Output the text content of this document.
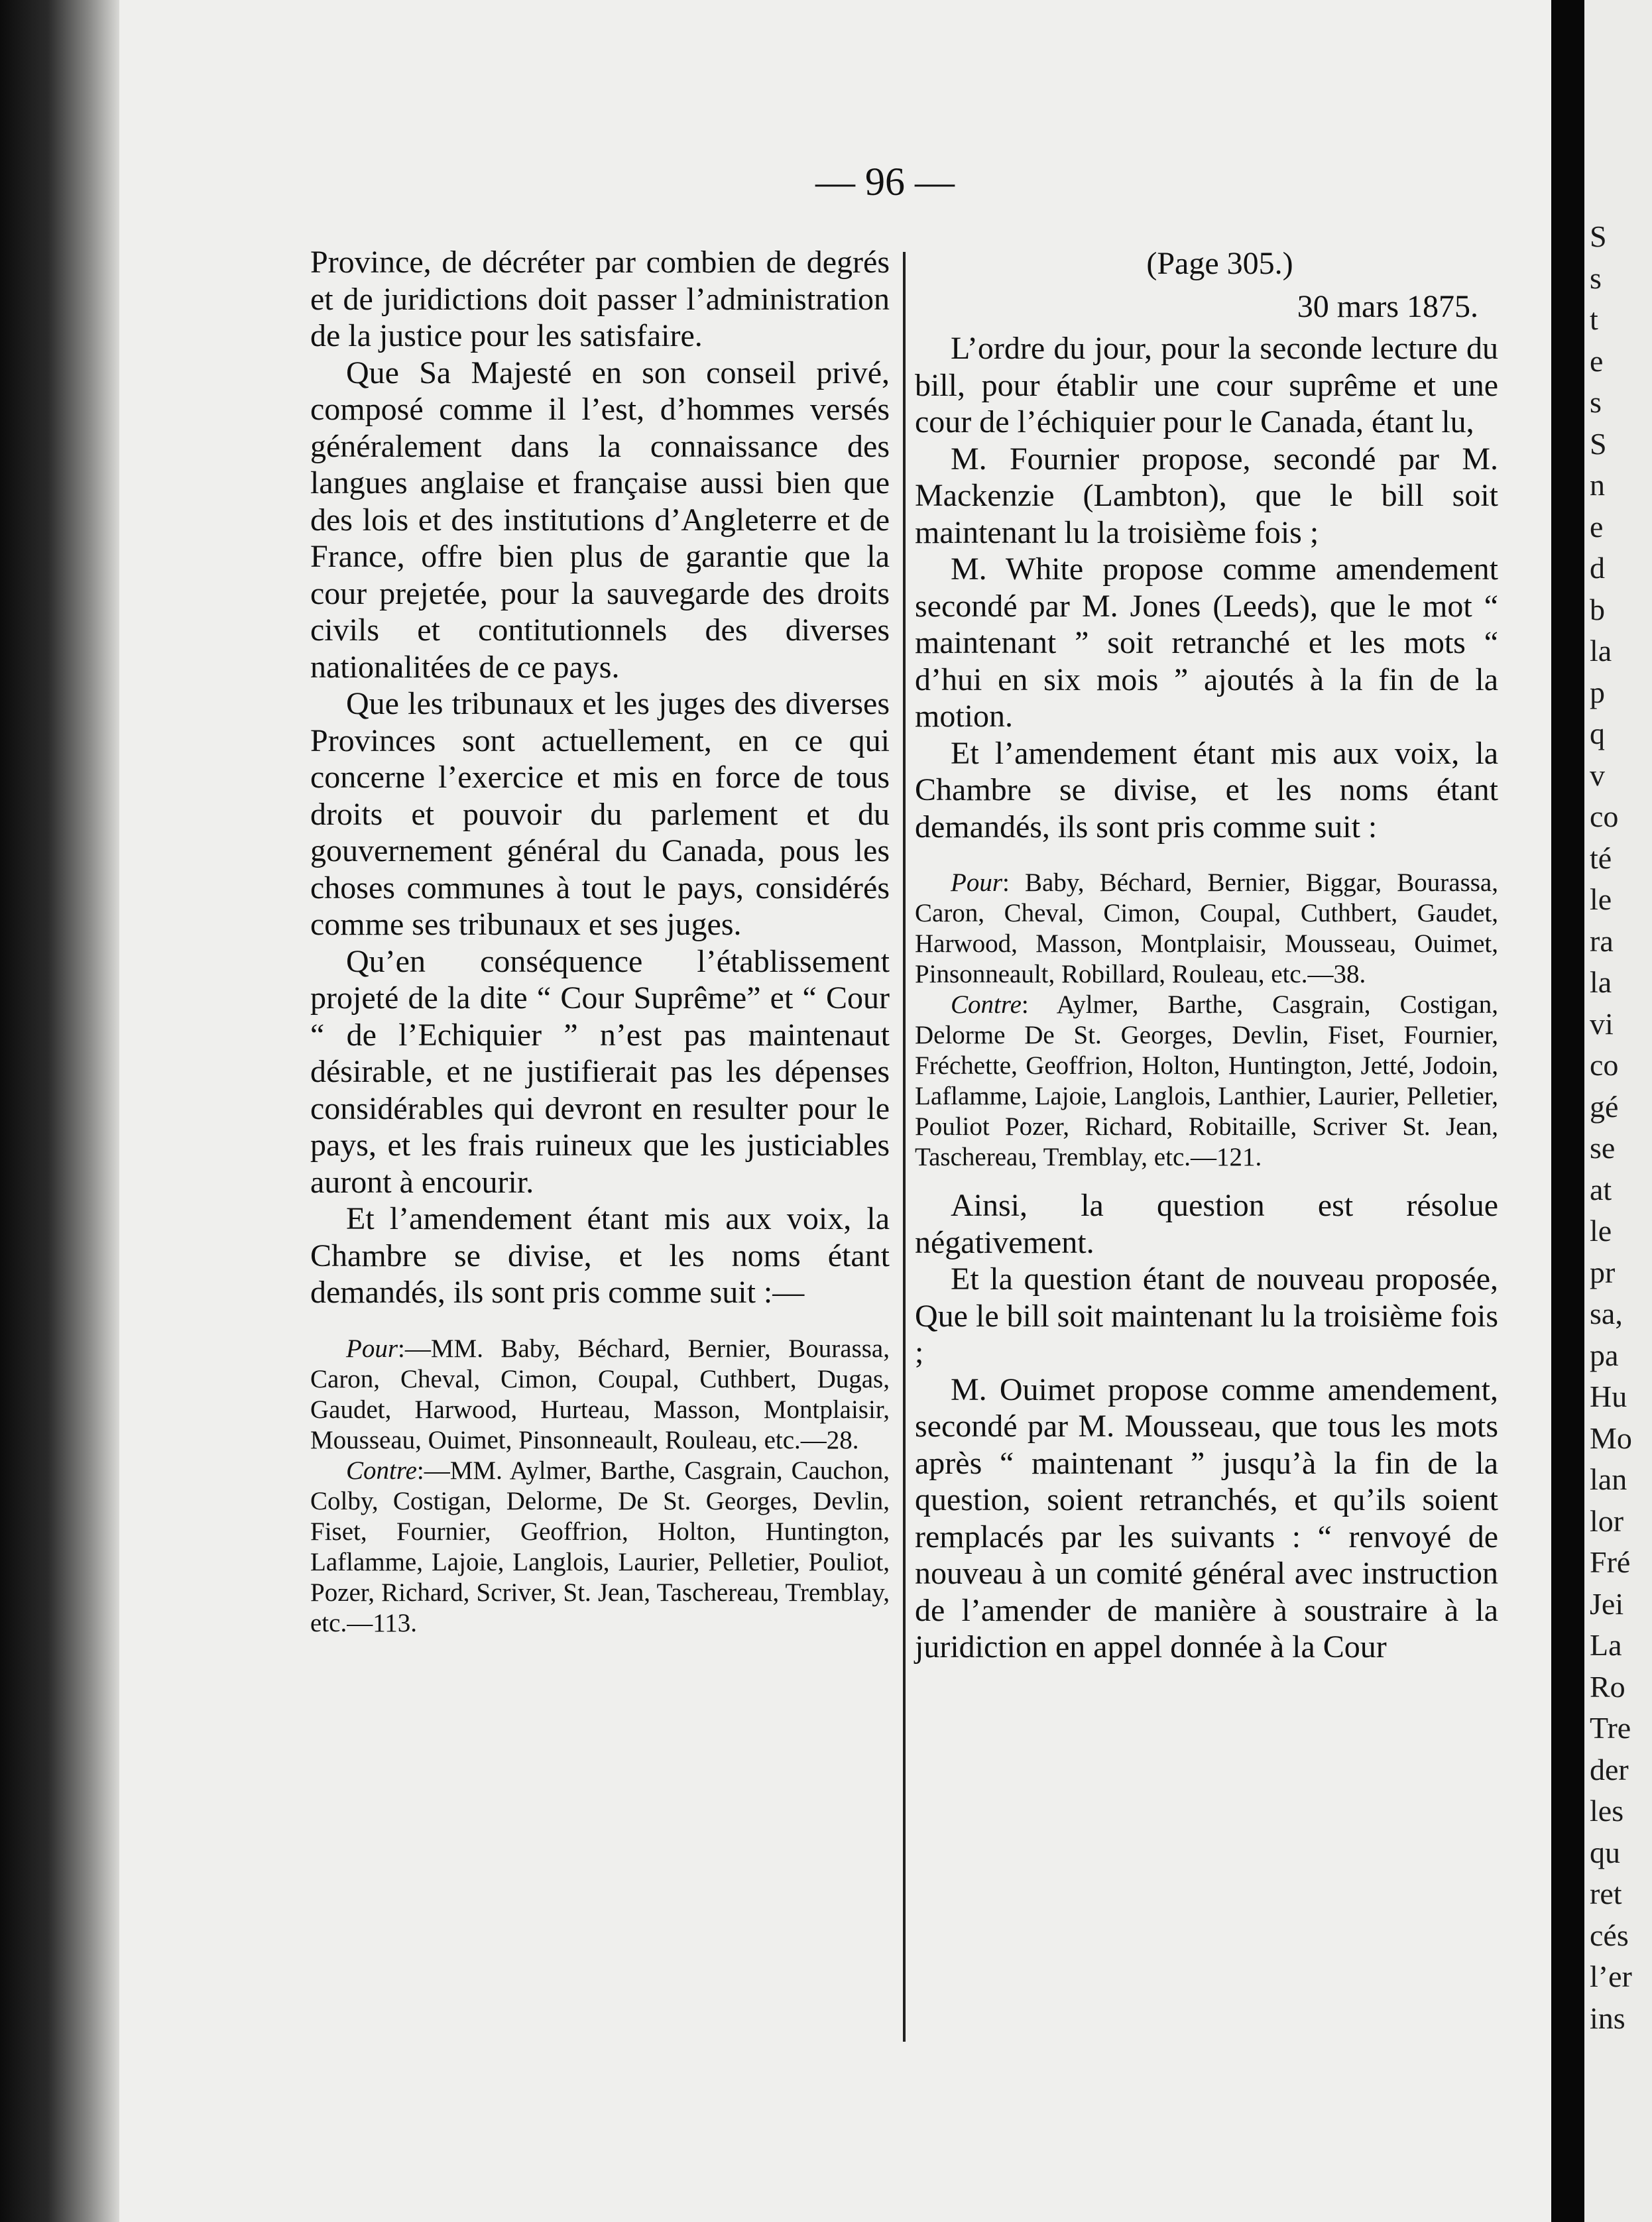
S
s
t
e
s
S
n
e
d
b
la
p
q
v
co
té
le
ra
la
vi
co
gé
se
at
le
pr
sa,
pa
Hu
Mo
lan
lor
Fré
Jei
La
Ro
Tre
der
les
qu
ret
cés
l’er
ins
— 96 —

Province, de décréter par combien de degrés et de juridictions doit passer l’administration de la justice pour les satisfaire.

Que Sa Majesté en son conseil privé, composé comme il l’est, d’hommes versés généralement dans la connaissance des langues anglaise et française aussi bien que des lois et des institutions d’Angleterre et de France, offre bien plus de garantie que la cour prejetée, pour la sauvegarde des droits civils et contitutionnels des diverses nationalitées de ce pays.

Que les tribunaux et les juges des diverses Provinces sont actuellement, en ce qui concerne l’exercice et mis en force de tous droits et pouvoir du parlement et du gouvernement général du Canada, pous les choses communes à tout le pays, considérés comme ses tribunaux et ses juges.

Qu’en conséquence l’établissement projeté de la dite “ Cour Suprême” et “ Cour “ de l’Echiquier ” n’est pas maintenaut désirable, et ne justifierait pas les dépenses considérables qui devront en resulter pour le pays, et les frais ruineux que les justiciables auront à encourir.

Et l’amendement étant mis aux voix, la Chambre se divise, et les noms étant demandés, ils sont pris comme suit :—

Pour:—MM. Baby, Béchard, Bernier, Bourassa, Caron, Cheval, Cimon, Coupal, Cuthbert, Dugas, Gaudet, Harwood, Hurteau, Masson, Montplaisir, Mousseau, Ouimet, Pinsonneault, Rouleau, etc.—28.

Contre:—MM. Aylmer, Barthe, Casgrain, Cauchon, Colby, Costigan, Delorme, De St. Georges, Devlin, Fiset, Fournier, Geoffrion, Holton, Huntington, Laflamme, Lajoie, Langlois, Laurier, Pelletier, Pouliot, Pozer, Richard, Scriver, St. Jean, Taschereau, Tremblay, etc.—113.

(Page 305.)

30 mars 1875.

L’ordre du jour, pour la seconde lecture du bill, pour établir une cour suprême et une cour de l’échiquier pour le Canada, étant lu,

M. Fournier propose, secondé par M. Mackenzie (Lambton), que le bill soit maintenant lu la troisième fois ;

M. White propose comme amendement secondé par M. Jones (Leeds), que le mot “ maintenant ” soit retranché et les mots “ d’hui en six mois ” ajoutés à la fin de la motion.

Et l’amendement étant mis aux voix, la Chambre se divise, et les noms étant demandés, ils sont pris comme suit :

Pour: Baby, Béchard, Bernier, Biggar, Bourassa, Caron, Cheval, Cimon, Coupal, Cuthbert, Gaudet, Harwood, Masson, Montplaisir, Mousseau, Ouimet, Pinsonneault, Robillard, Rouleau, etc.—38.

Contre: Aylmer, Barthe, Casgrain, Costigan, Delorme De St. Georges, Devlin, Fiset, Fournier, Fréchette, Geoffrion, Holton, Huntington, Jetté, Jodoin, Laflamme, Lajoie, Langlois, Lanthier, Laurier, Pelletier, Pouliot Pozer, Richard, Robitaille, Scriver St. Jean, Taschereau, Tremblay, etc.—121.

Ainsi, la question est résolue négativement.

Et la question étant de nouveau proposée, Que le bill soit maintenant lu la troisième fois ;

M. Ouimet propose comme amendement, secondé par M. Mousseau, que tous les mots après “ maintenant ” jusqu’à la fin de la question, soient retranchés, et qu’ils soient remplacés par les suivants : “ renvoyé de nouveau à un comité général avec instruction de l’amender de manière à soustraire à la juridiction en appel donnée à la Cour
